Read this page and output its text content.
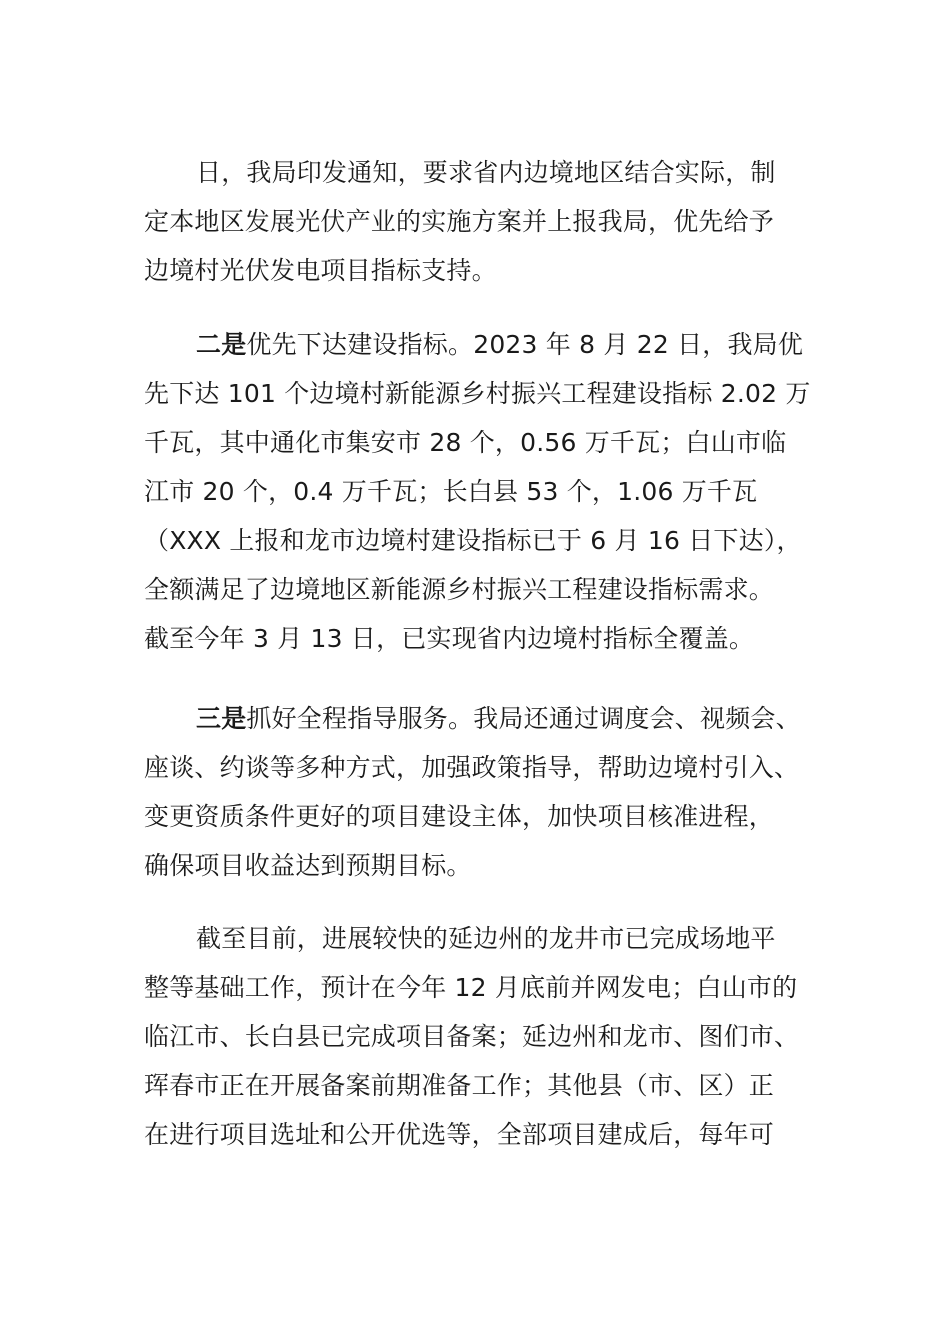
日，我局印发通知，要求省内边境地区结合实际，制
定本地区发展光伏产业的实施方案并上报我局，优先给予
边境村光伏发电项目指标支持。
二是优先下达建设指标。2023 年 8 月 22 日，我局优
先下达 101 个边境村新能源乡村振兴工程建设指标 2.02 万
千瓦，其中通化市集安市 28 个，0.56 万千瓦；白山市临
江市 20 个，0.4 万千瓦；长白县 53 个，1.06 万千瓦
（XXX 上报和龙市边境村建设指标已于 6 月 16 日下达），
全额满足了边境地区新能源乡村振兴工程建设指标需求。
截至今年 3 月 13 日，已实现省内边境村指标全覆盖。
三是抓好全程指导服务。我局还通过调度会、视频会、
座谈、约谈等多种方式，加强政策指导，帮助边境村引入、
变更资质条件更好的项目建设主体，加快项目核准进程，
确保项目收益达到预期目标。
截至目前，进展较快的延边州的龙井市已完成场地平
整等基础工作，预计在今年 12 月底前并网发电；白山市的
临江市、长白县已完成项目备案；延边州和龙市、图们市、
珲春市正在开展备案前期准备工作；其他县（市、区）正
在进行项目选址和公开优选等，全部项目建成后，每年可
